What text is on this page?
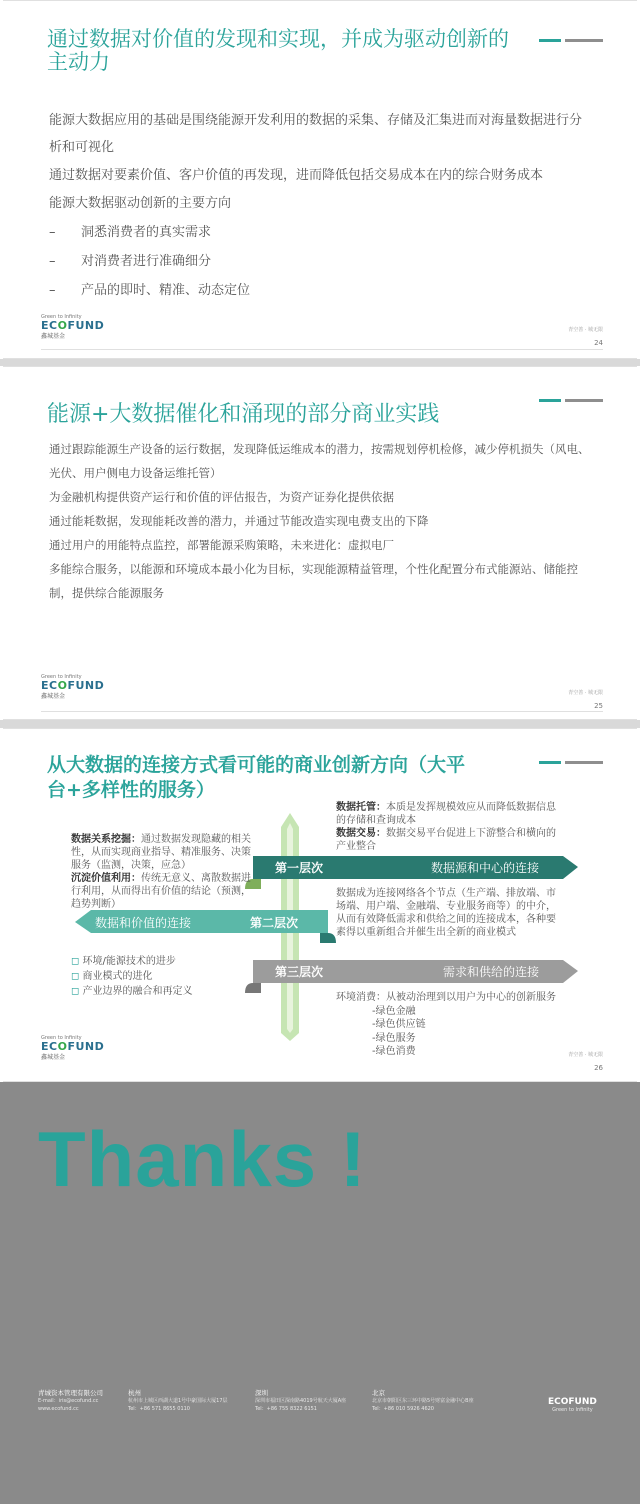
通过数据对价值的发现和实现，并成为驱动创新的主动力

能源大数据应用的基础是围绕能源开发利用的数据的采集、存储及汇集进而对海量数据进行分析和可视化

通过数据对要素价值、客户价值的再发现，进而降低包括交易成本在内的综合财务成本

能源大数据驱动创新的主要方向

– 洞悉消费者的真实需求

– 对消费者进行准确细分

– 产品的即时、精准、动态定位

Green to Infinity
ECOFUND
鑫城基金
青空善 · 城无限
24
能源+大数据催化和涌现的部分商业实践

通过跟踪能源生产设备的运行数据，发现降低运维成本的潜力，按需规划停机检修，减少停机损失（风电、光伏、用户侧电力设备运维托管）

为金融机构提供资产运行和价值的评估报告，为资产证券化提供依据

通过能耗数据，发现能耗改善的潜力，并通过节能改造实现电费支出的下降

通过用户的用能特点监控，部署能源采购策略，未来进化：虚拟电厂

多能综合服务，以能源和环境成本最小化为目标，实现能源精益管理，个性化配置分布式能源站、储能控制，提供综合能源服务

Green to Infinity
ECOFUND
鑫城基金	青空善 · 城无限
25
从大数据的连接方式看可能的商业创新方向（大平台+多样性的服务）
第一层次	数据源和中心的连接
数据和价值的连接	第二层次
第三层次	需求和供给的连接
数据托管：本质是发挥规模效应从而降低数据信息的存储和查询成本
数据交易：数据交易平台促进上下游整合和横向的产业整合
数据关系挖掘：通过数据发现隐藏的相关性，从而实现商业指导、精准服务、决策服务（监测，决策，应急）
沉淀价值利用：传统无意义、离散数据进行利用，从而得出有价值的结论（预测，趋势判断）
数据成为连接网络各个节点（生产端、排放端、市场端、用户端、金融端、专业服务商等）的中介，从而有效降低需求和供给之间的连接成本，各种要素得以重新组合并催生出全新的商业模式
◻ 环境/能源技术的进步
◻ 商业模式的进化
◻ 产业边界的融合和再定义
环境消费：从被动治理到以用户为中心的创新服务
-绿色金融
-绿色供应链
-绿色服务
-绿色消费
Green to Infinity
ECOFUND
鑫城基金	青空善 · 城无限
26
Thanks !
青城资本管理有限公司
E-mail：iris@ecofund.cc
www.ecofund.cc
杭州
杭州市上城区西湖大道1号中豪国际大厦17层
Tel：+86 571 8655 0110
深圳
深圳市福田区深南路4019号航天大厦A座
Tel：+86 755 8322 6151
北京
北京市朝阳区东三环中路5号财富金融中心B座
Tel：+86 010 5926 4620
ECOFUND
Green to Infinity
